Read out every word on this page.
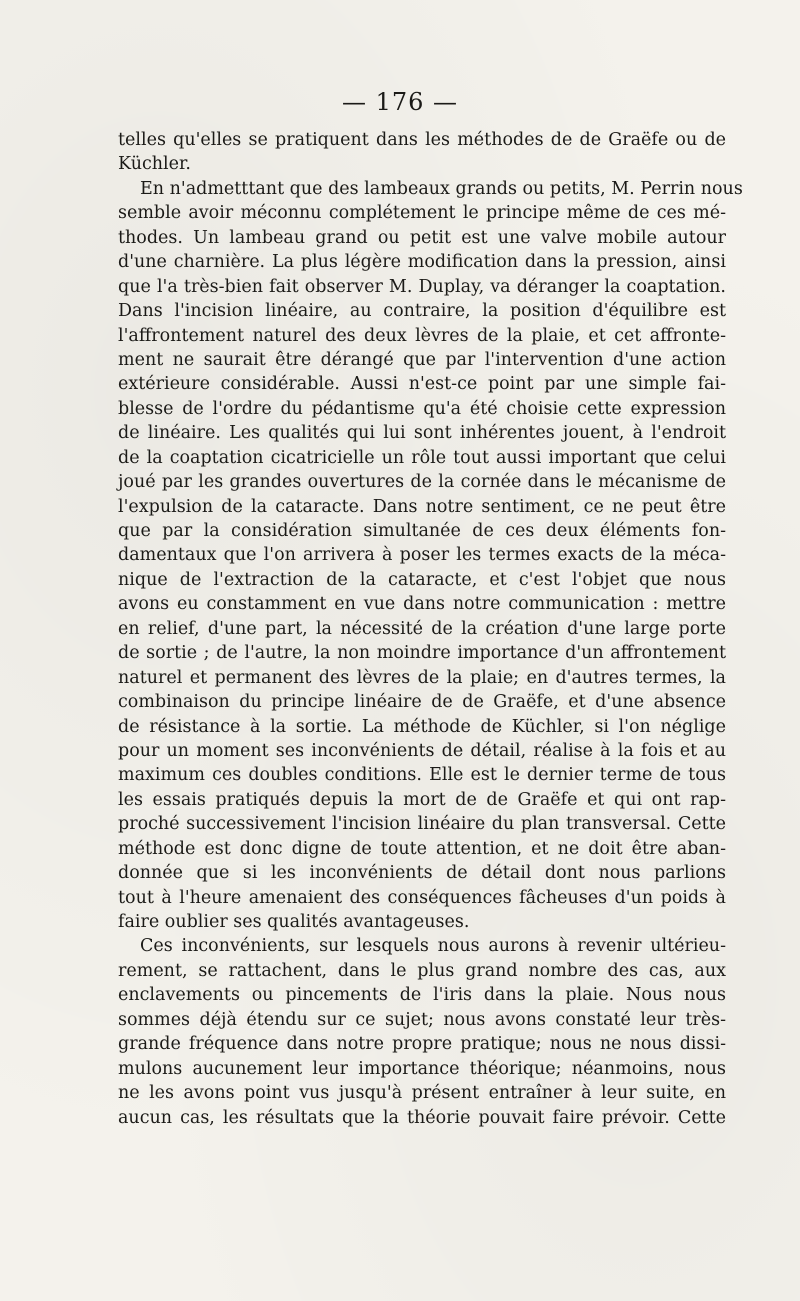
— 176 —
telles qu'elles se pratiquent dans les méthodes de de Graëfe ou de
Küchler.
En n'admetttant que des lambeaux grands ou petits, M. Perrin nous
semble avoir méconnu complétement le principe même de ces mé-
thodes. Un lambeau grand ou petit est une valve mobile autour
d'une charnière. La plus légère modification dans la pression, ainsi
que l'a très-bien fait observer M. Duplay, va déranger la coaptation.
Dans l'incision linéaire, au contraire, la position d'équilibre est
l'affrontement naturel des deux lèvres de la plaie, et cet affronte-
ment ne saurait être dérangé que par l'intervention d'une action
extérieure considérable. Aussi n'est-ce point par une simple fai-
blesse de l'ordre du pédantisme qu'a été choisie cette expression
de linéaire. Les qualités qui lui sont inhérentes jouent, à l'endroit
de la coaptation cicatricielle un rôle tout aussi important que celui
joué par les grandes ouvertures de la cornée dans le mécanisme de
l'expulsion de la cataracte. Dans notre sentiment, ce ne peut être
que par la considération simultanée de ces deux éléments fon-
damentaux que l'on arrivera à poser les termes exacts de la méca-
nique de l'extraction de la cataracte, et c'est l'objet que nous
avons eu constamment en vue dans notre communication : mettre
en relief, d'une part, la nécessité de la création d'une large porte
de sortie ; de l'autre, la non moindre importance d'un affrontement
naturel et permanent des lèvres de la plaie; en d'autres termes, la
combinaison du principe linéaire de de Graëfe, et d'une absence
de résistance à la sortie. La méthode de Küchler, si l'on néglige
pour un moment ses inconvénients de détail, réalise à la fois et au
maximum ces doubles conditions. Elle est le dernier terme de tous
les essais pratiqués depuis la mort de de Graëfe et qui ont rap-
proché successivement l'incision linéaire du plan transversal. Cette
méthode est donc digne de toute attention, et ne doit être aban-
donnée que si les inconvénients de détail dont nous parlions
tout à l'heure amenaient des conséquences fâcheuses d'un poids à
faire oublier ses qualités avantageuses.
Ces inconvénients, sur lesquels nous aurons à revenir ultérieu-
rement, se rattachent, dans le plus grand nombre des cas, aux
enclavements ou pincements de l'iris dans la plaie. Nous nous
sommes déjà étendu sur ce sujet; nous avons constaté leur très-
grande fréquence dans notre propre pratique; nous ne nous dissi-
mulons aucunement leur importance théorique; néanmoins, nous
ne les avons point vus jusqu'à présent entraîner à leur suite, en
aucun cas, les résultats que la théorie pouvait faire prévoir. Cette
